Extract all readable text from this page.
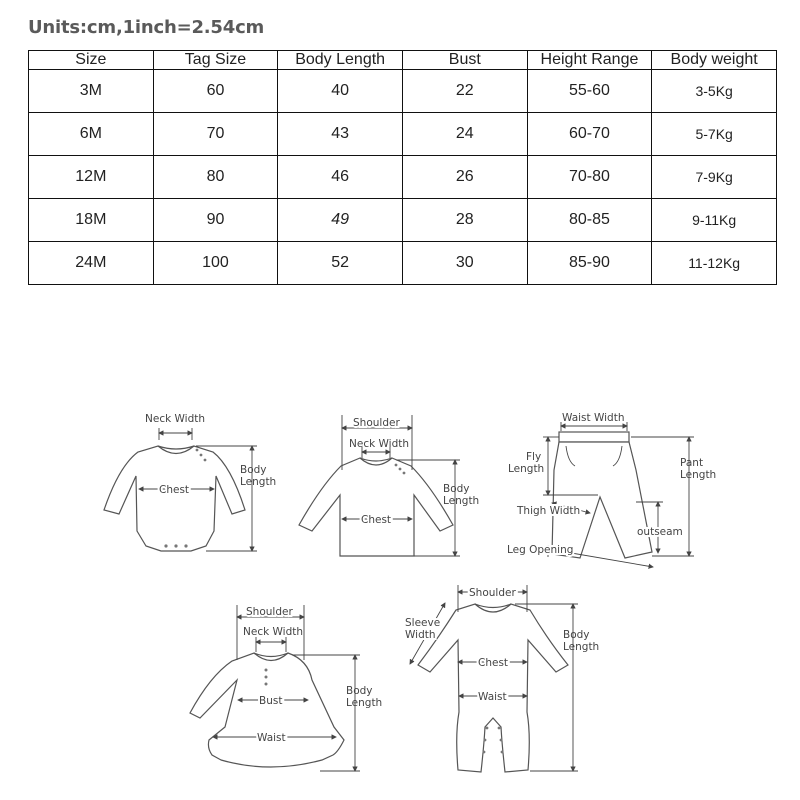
Units:cm,1inch=2.54cm
Size	Tag Size	Body Length	Bust	Height Range	Body weight
3M	60	40	22	55-60	3-5Kg
6M	70	43	24	60-70	5-7Kg
12M	80	46	26	70-80	7-9Kg
18M	90	49	28	80-85	9-11Kg
24M	100	52	30	85-90	11-12Kg
Neck Width
Chest
Body
Length
Shoulder
Neck Width
Chest
Body
Length
Waist Width
Fly
Length	Pant
Length
Thigh Width
outseam
Leg Opening
Shoulder
Neck Width
Bust
Waist
Body
Length
Shoulder
Sleeve
Width
Chest
Waist
Body
Length
